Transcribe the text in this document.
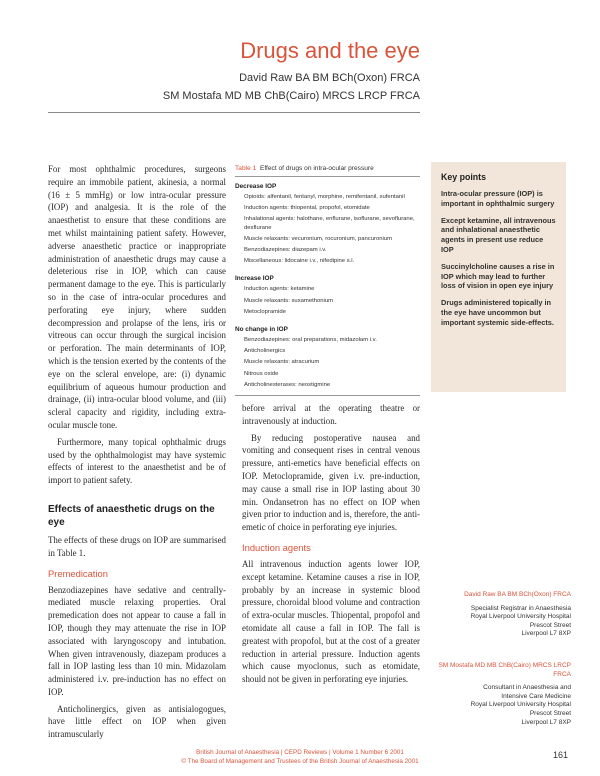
Drugs and the eye
David Raw BA BM BCh(Oxon) FRCA
SM Mostafa MD MB ChB(Cairo) MRCS LRCP FRCA

For most ophthalmic procedures, surgeons require an immobile patient, akinesia, a normal (16 ± 5 mmHg) or low intra-ocular pressure (IOP) and analgesia. It is the role of the anaesthetist to ensure that these conditions are met whilst maintaining patient safety. However, adverse anaesthetic practice or inappropriate administration of anaesthetic drugs may cause a deleterious rise in IOP, which can cause permanent damage to the eye. This is particularly so in the case of intra-ocular procedures and perforating eye injury, where sudden decompression and prolapse of the lens, iris or vitreous can occur through the surgical incision or perforation. The main determinants of IOP, which is the tension exerted by the contents of the eye on the scleral envelope, are: (i) dynamic equilibrium of aqueous humour production and drainage, (ii) intra-ocular blood volume, and (iii) scleral capacity and rigidity, including extra-ocular muscle tone.

Furthermore, many topical ophthalmic drugs used by the ophthalmologist may have systemic effects of interest to the anaesthetist and be of import to patient safety.

Effects of anaesthetic drugs on the eye

The effects of these drugs on IOP are summarised in Table 1.

Premedication

Benzodiazepines have sedative and centrally-mediated muscle relaxing properties. Oral premedication does not appear to cause a fall in IOP, though they may attenuate the rise in IOP associated with laryngoscopy and intubation. When given intravenously, diazepam produces a fall in IOP lasting less than 10 min. Midazolam administered i.v. pre-induction has no effect on IOP.

Anticholinergics, given as antisialogogues, have little effect on IOP when given intramuscularly

Table 1 Effect of drugs on intra-ocular pressure
Decrease IOP
Opioids: alfentanil, fentanyl, morphine, remifentanil, sufentanil
Induction agents: thiopental, propofol, etomidate
Inhalational agents: halothane, enflurane, isoflurane, sevoflurane, desflurane
Muscle relaxants: vecuronium, rocuronium, pancuronium
Benzodiazepines: diazepam i.v.
Miscellaneous: lidocaine i.v., nifedipine s.l.
Increase IOP
Induction agents: ketamine
Muscle relaxants: suxamethonium
Metoclopramide
No change in IOP
Benzodiazepines: oral preparations, midazolam i.v.
Anticholinergics
Muscle relaxants: atracurium
Nitrous oxide
Anticholinesterases: neostigmine

before arrival at the operating theatre or intravenously at induction.

By reducing postoperative nausea and vomiting and consequent rises in central venous pressure, anti-emetics have beneficial effects on IOP. Metoclopramide, given i.v. pre-induction, may cause a small rise in IOP lasting about 30 min. Ondansetron has no effect on IOP when given prior to induction and is, therefore, the anti-emetic of choice in perforating eye injuries.

Induction agents

All intravenous induction agents lower IOP, except ketamine. Ketamine causes a rise in IOP, probably by an increase in systemic blood pressure, choroidal blood volume and contraction of extra-ocular muscles. Thiopental, propofol and etomidate all cause a fall in IOP. The fall is greatest with propofol, but at the cost of a greater reduction in arterial pressure. Induction agents which cause myoclonus, such as etomidate, should not be given in perforating eye injuries.

Key points
Intra-ocular pressure (IOP) is important in ophthalmic surgery
Except ketamine, all intravenous and inhalational anaesthetic agents in present use reduce IOP
Succinylcholine causes a rise in IOP which may lead to further loss of vision in open eye injury
Drugs administered topically in the eye have uncommon but important systemic side-effects.
David Raw BA BM BCh(Oxon) FRCA
Specialist Registrar in Anaesthesia
Royal Liverpool University Hospital
Prescot Street
Liverpool L7 8XP
SM Mostafa MD MB ChB(Cairo) MRCS LRCP FRCA
Consultant in Anaesthesia and
Intensive Care Medicine
Royal Liverpool University Hospital
Prescot Street
Liverpool L7 8XP
British Journal of Anaesthesia | CEPD Reviews | Volume 1 Number 6 2001
© The Board of Management and Trustees of the British Journal of Anaesthesia 2001
161
